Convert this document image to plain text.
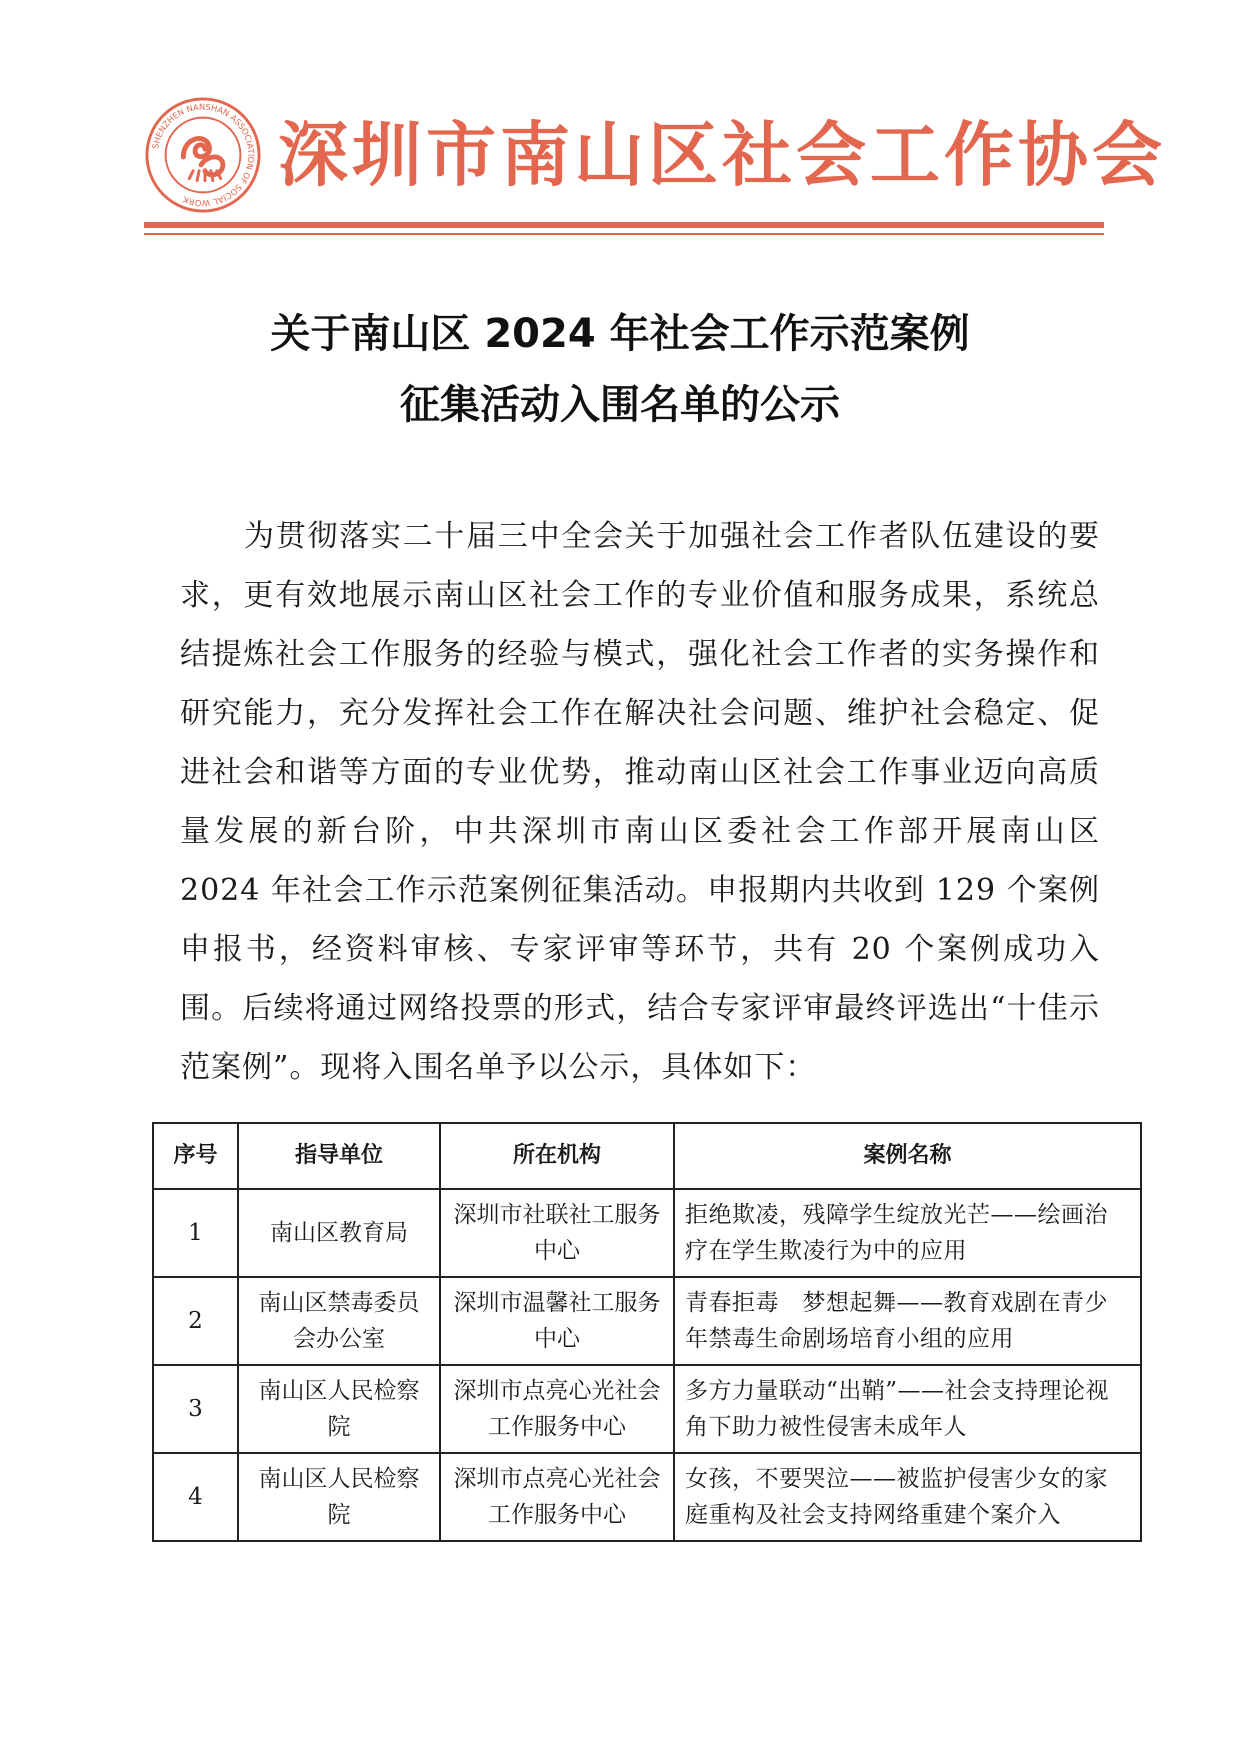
SHENZHEN NANSHAN ASSOCIATION OF SOCIAL WORK
深圳市南山区社会工作协会
关于南山区 2024 年社会工作示范案例
征集活动入围名单的公示

为贯彻落实二十届三中全会关于加强社会工作者队伍建设的要求，更有效地展示南山区社会工作的专业价值和服务成果，系统总结提炼社会工作服务的经验与模式，强化社会工作者的实务操作和研究能力，充分发挥社会工作在解决社会问题、维护社会稳定、促进社会和谐等方面的专业优势，推动南山区社会工作事业迈向高质量发展的新台阶，中共深圳市南山区委社会工作部开展南山区 2024 年社会工作示范案例征集活动。申报期内共收到 129 个案例申报书，经资料审核、专家评审等环节，共有 20 个案例成功入围。后续将通过网络投票的形式，结合专家评审最终评选出“十佳示范案例”。现将入围名单予以公示，具体如下：

序号	指导单位	所在机构	案例名称
1	南山区教育局	深圳市社联社工服务中心	拒绝欺凌，残障学生绽放光芒——绘画治疗在学生欺凌行为中的应用
2	南山区禁毒委员会办公室	深圳市温馨社工服务中心	青春拒毒　梦想起舞——教育戏剧在青少年禁毒生命剧场培育小组的应用
3	南山区人民检察院	深圳市点亮心光社会工作服务中心	多方力量联动“出鞘”——社会支持理论视角下助力被性侵害未成年人
4	南山区人民检察院	深圳市点亮心光社会工作服务中心	女孩，不要哭泣——被监护侵害少女的家庭重构及社会支持网络重建个案介入
